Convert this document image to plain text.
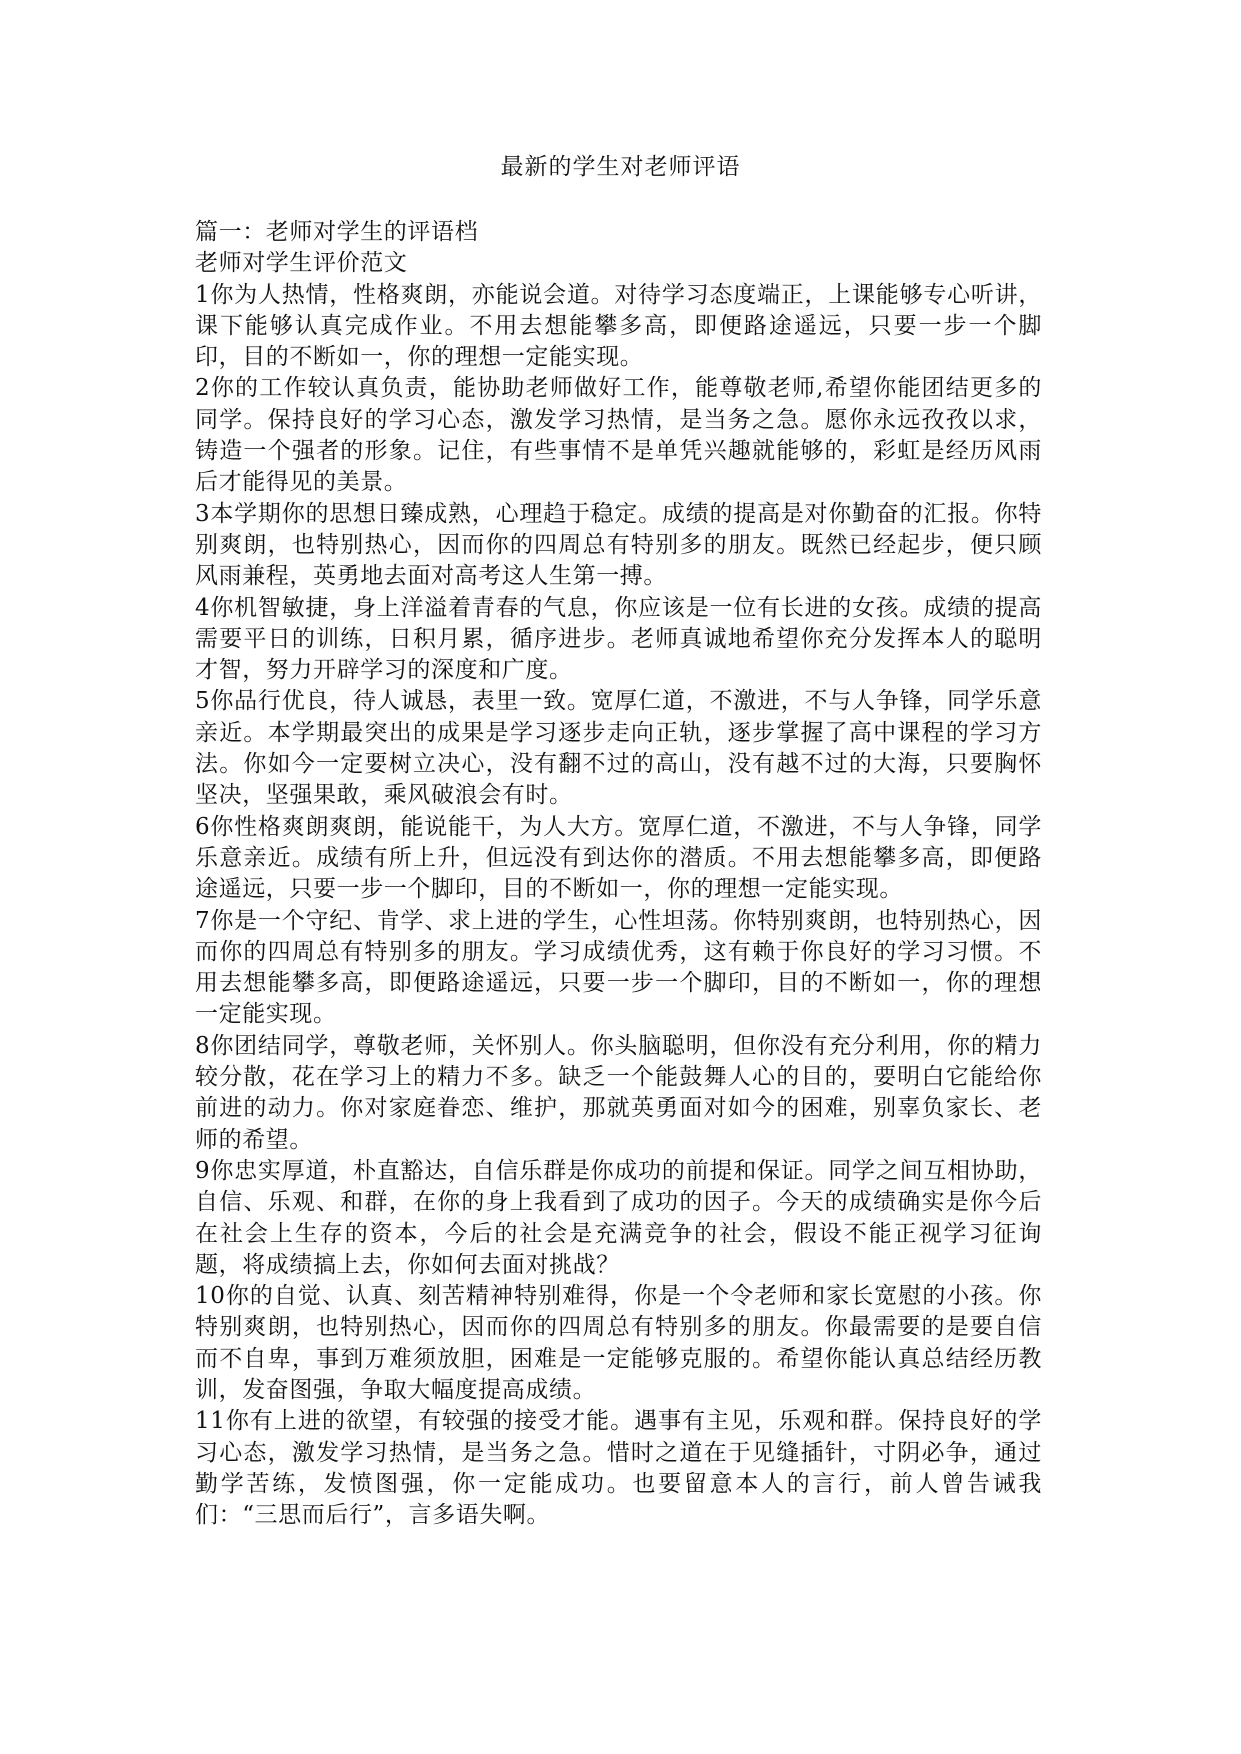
最新的学生对老师评语

篇一：老师对学生的评语档

老师对学生评价范文

1你为人热情，性格爽朗，亦能说会道。对待学习态度端正，上课能够专心听讲，课下能够认真完成作业。不用去想能攀多高，即便路途遥远，只要一步一个脚印，目的不断如一，你的理想一定能实现。

2你的工作较认真负责，能协助老师做好工作，能尊敬老师,希望你能团结更多的同学。保持良好的学习心态，激发学习热情，是当务之急。愿你永远孜孜以求，铸造一个强者的形象。记住，有些事情不是单凭兴趣就能够的，彩虹是经历风雨后才能得见的美景。

3本学期你的思想日臻成熟，心理趋于稳定。成绩的提高是对你勤奋的汇报。你特别爽朗，也特别热心，因而你的四周总有特别多的朋友。既然已经起步，便只顾风雨兼程，英勇地去面对高考这人生第一搏。

4你机智敏捷，身上洋溢着青春的气息，你应该是一位有长进的女孩。成绩的提高需要平日的训练，日积月累，循序进步。老师真诚地希望你充分发挥本人的聪明才智，努力开辟学习的深度和广度。

5你品行优良，待人诚恳，表里一致。宽厚仁道，不激进，不与人争锋，同学乐意亲近。本学期最突出的成果是学习逐步走向正轨，逐步掌握了高中课程的学习方法。你如今一定要树立决心，没有翻不过的高山，没有越不过的大海，只要胸怀坚决，坚强果敢，乘风破浪会有时。

6你性格爽朗爽朗，能说能干，为人大方。宽厚仁道，不激进，不与人争锋，同学乐意亲近。成绩有所上升，但远没有到达你的潜质。不用去想能攀多高，即便路途遥远，只要一步一个脚印，目的不断如一，你的理想一定能实现。

7你是一个守纪、肯学、求上进的学生，心性坦荡。你特别爽朗，也特别热心，因而你的四周总有特别多的朋友。学习成绩优秀，这有赖于你良好的学习习惯。不用去想能攀多高，即便路途遥远，只要一步一个脚印，目的不断如一，你的理想一定能实现。

8你团结同学，尊敬老师，关怀别人。你头脑聪明，但你没有充分利用，你的精力较分散，花在学习上的精力不多。缺乏一个能鼓舞人心的目的，要明白它能给你前进的动力。你对家庭眷恋、维护，那就英勇面对如今的困难，别辜负家长、老师的希望。

9你忠实厚道，朴直豁达，自信乐群是你成功的前提和保证。同学之间互相协助，自信、乐观、和群，在你的身上我看到了成功的因子。今天的成绩确实是你今后在社会上生存的资本，今后的社会是充满竞争的社会，假设不能正视学习征询题，将成绩搞上去，你如何去面对挑战？

10你的自觉、认真、刻苦精神特别难得，你是一个令老师和家长宽慰的小孩。你特别爽朗，也特别热心，因而你的四周总有特别多的朋友。你最需要的是要自信而不自卑，事到万难须放胆，困难是一定能够克服的。希望你能认真总结经历教训，发奋图强，争取大幅度提高成绩。

11你有上进的欲望，有较强的接受才能。遇事有主见，乐观和群。保持良好的学习心态，激发学习热情，是当务之急。惜时之道在于见缝插针，寸阴必争，通过勤学苦练，发愤图强，你一定能成功。也要留意本人的言行，前人曾告诫我们：“三思而后行”，言多语失啊。
